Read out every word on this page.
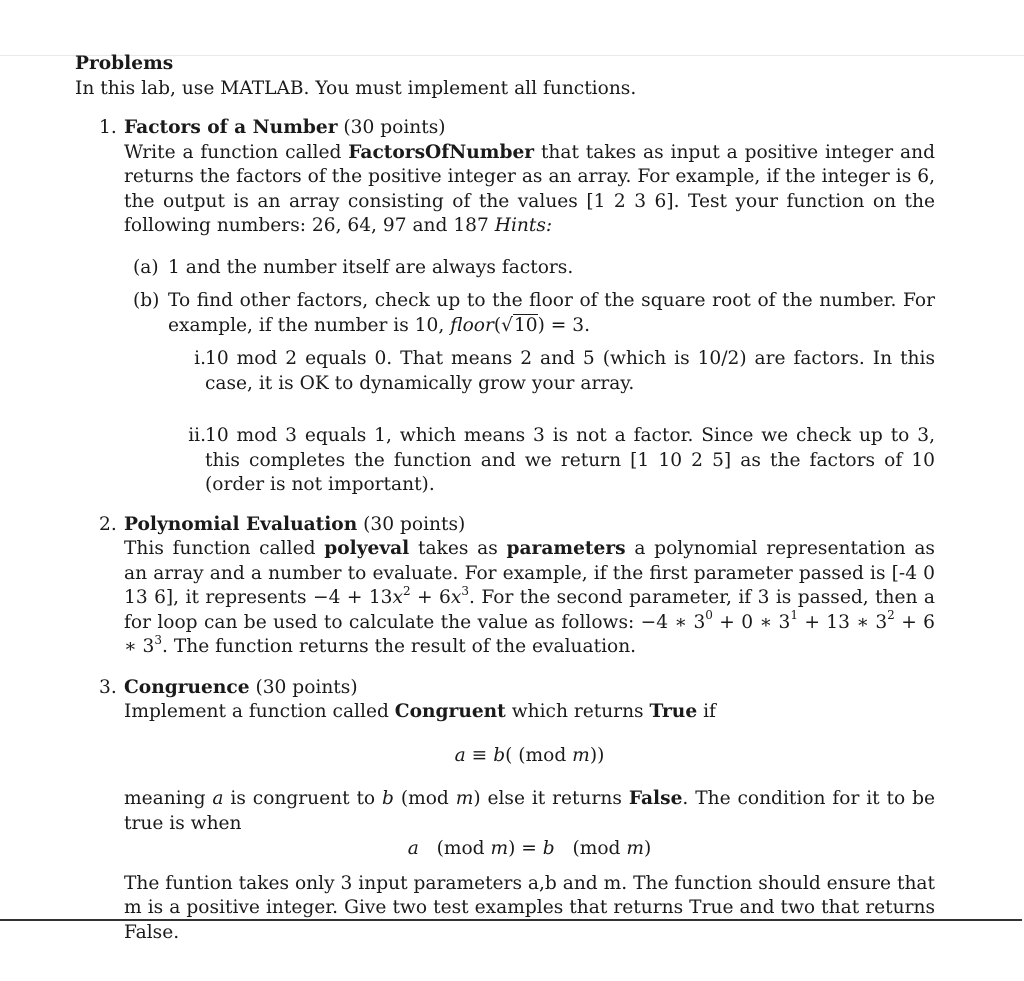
Problems

In this lab, use MATLAB. You must implement all functions.

1. Factors of a Number (30 points)

Write a function called FactorsOfNumber that takes as input a positive integer and returns the factors of the positive integer as an array. For example, if the integer is 6, the output is an array consisting of the values [1 2 3 6]. Test your function on the following numbers: 26, 64, 97 and 187 Hints:

(a) 1 and the number itself are always factors.

(b) To find other factors, check up to the floor of the square root of the number. For example, if the number is 10, floor(√10) = 3.

i. 10 mod 2 equals 0. That means 2 and 5 (which is 10/2) are factors. In this case, it is OK to dynamically grow your array.

ii. 10 mod 3 equals 1, which means 3 is not a factor. Since we check up to 3, this completes the function and we return [1 10 2 5] as the factors of 10 (order is not important).

2. Polynomial Evaluation (30 points)

This function called polyeval takes as parameters a polynomial representation as an array and a number to evaluate. For example, if the first parameter passed is [-4 0 13 6], it represents $-4 + 13x^2 + 6x^3$. For the second parameter, if 3 is passed, then a for loop can be used to calculate the value as follows: −4 ∗ $3^0 + 0$ ∗ $3^1 + 13$ ∗ $3^2 + 6$ ∗ $3^3$. The function returns the result of the evaluation.

3. Congruence (30 points)

Implement a function called Congruent which returns True if

a ≡ b( (mod m))

meaning a is congruent to b (mod m) else it returns False. The condition for it to be true is when

a (mod m) = b (mod m)

The funtion takes only 3 input parameters a,b and m. The function should ensure that m is a positive integer. Give two test examples that returns True and two that returns False.
